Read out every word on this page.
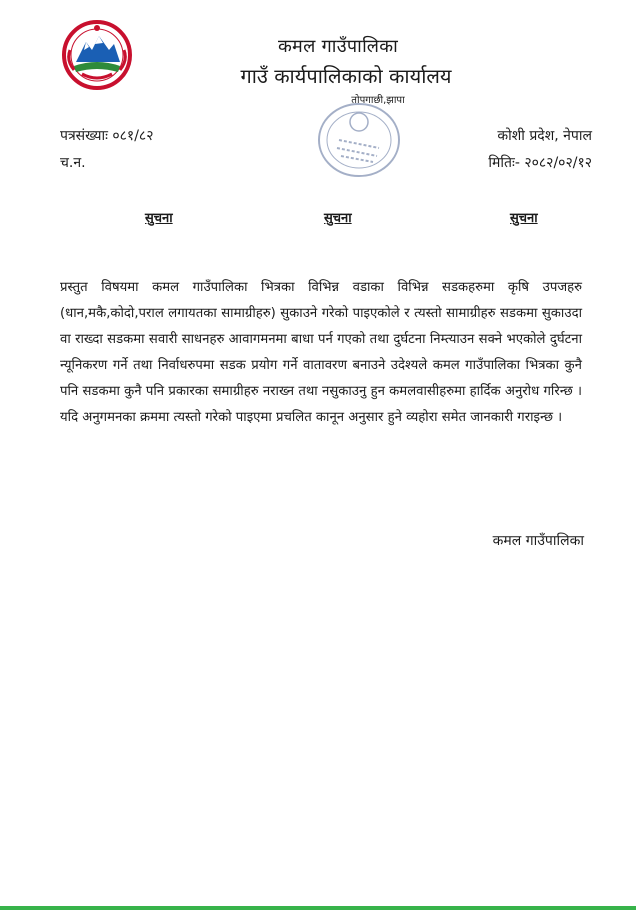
कमल गाउँपालिका
गाउँ कार्यपालिकाको कार्यालय
तोपगाछी,झापा
पत्रसंख्याः ०८१/८२
च.न.
कोशी प्रदेश, नेपाल
मितिः- २०८२/०२/१२
सुचना	सुचना	सुचना
प्रस्तुत विषयमा कमल गाउँपालिका भित्रका विभिन्न वडाका विभिन्न सडकहरुमा कृषि उपजहरु (धान,मकै,कोदो,पराल लगायतका सामाग्रीहरु) सुकाउने गरेको पाइएकोले र त्यस्तो सामाग्रीहरु सडकमा सुकाउदा वा राख्दा सडकमा सवारी साधनहरु आवागमनमा बाधा पर्न गएको तथा दुर्घटना निम्त्याउन सक्ने भएकोले दुर्घटना न्यूनिकरण गर्ने तथा निर्वाधरुपमा सडक प्रयोग गर्ने वातावरण बनाउने उदेश्यले कमल गाउँपालिका भित्रका कुनै पनि सडकमा कुनै पनि प्रकारका समाग्रीहरु नराख्न तथा नसुकाउनु हुन कमलवासीहरुमा हार्दिक अनुरोध गरिन्छ । यदि अनुगमनका क्रममा त्यस्तो गरेको पाइएमा प्रचलित कानून अनुसार हुने व्यहोरा समेत जानकारी गराइन्छ ।
कमल गाउँपालिका
